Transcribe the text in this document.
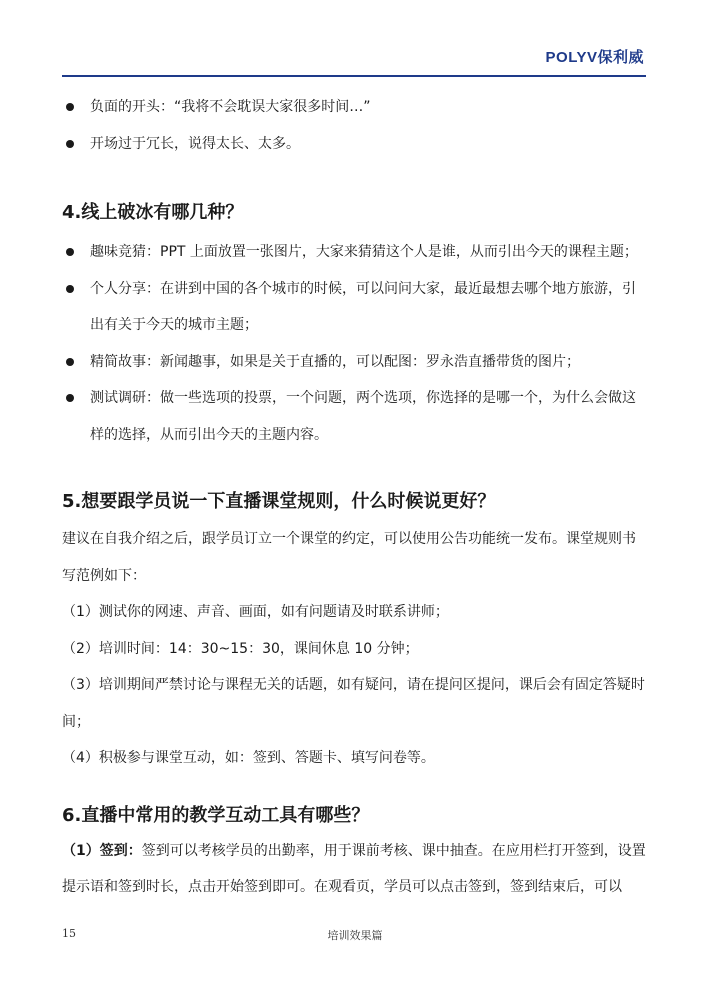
POLYV保利威
负面的开头：“我将不会耽误大家很多时间…”
开场过于冗长，说得太长、太多。
4.线上破冰有哪几种？
趣味竞猜：PPT 上面放置一张图片，大家来猜猜这个人是谁，从而引出今天的课程主题；
个人分享：在讲到中国的各个城市的时候，可以问问大家，最近最想去哪个地方旅游，引出有关于今天的城市主题；
精简故事：新闻趣事，如果是关于直播的，可以配图：罗永浩直播带货的图片；
测试调研：做一些选项的投票，一个问题，两个选项，你选择的是哪一个，为什么会做这样的选择，从而引出今天的主题内容。
5.想要跟学员说一下直播课堂规则，什么时候说更好？
建议在自我介绍之后，跟学员订立一个课堂的约定，可以使用公告功能统一发布。课堂规则书写范例如下：
（1）测试你的网速、声音、画面，如有问题请及时联系讲师；
（2）培训时间：14：30~15：30，课间休息 10 分钟；
（3）培训期间严禁讨论与课程无关的话题，如有疑问，请在提问区提问，课后会有固定答疑时间；
（4）积极参与课堂互动，如：签到、答题卡、填写问卷等。
6.直播中常用的教学互动工具有哪些？
（1）签到：签到可以考核学员的出勤率，用于课前考核、课中抽查。在应用栏打开签到，设置提示语和签到时长，点击开始签到即可。在观看页，学员可以点击签到，签到结束后，可以
15	培训效果篇
